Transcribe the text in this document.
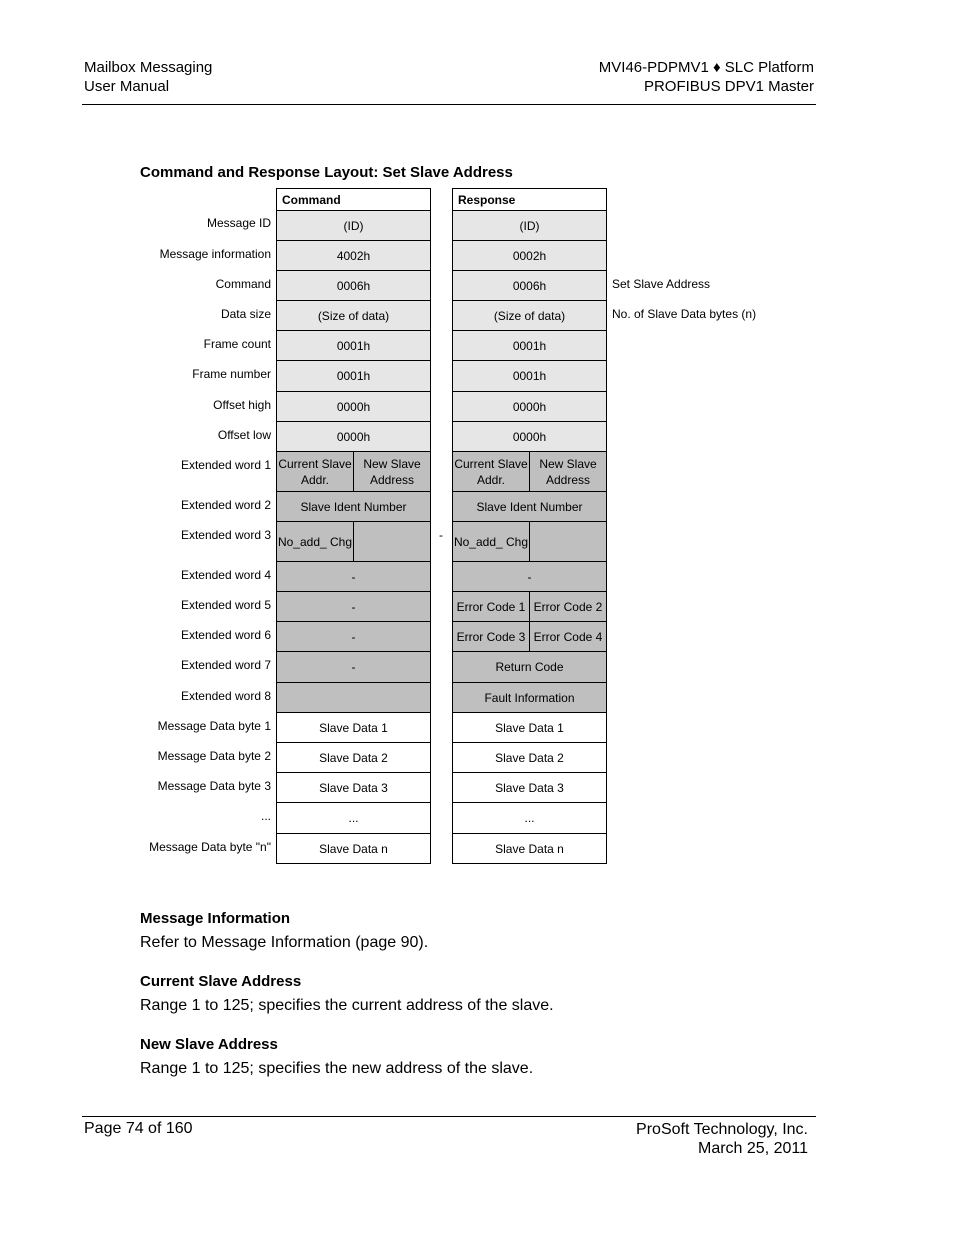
Mailbox Messaging
User Manual
MVI46-PDPMV1 ♦ SLC Platform
PROFIBUS DPV1 Master
Command and Response Layout: Set Slave Address
Message ID
Message information
Command
Data size
Frame count
Frame number
Offset high
Offset low
Extended word 1
Extended word 2
Extended word 3
Extended word 4
Extended word 5
Extended word 6
Extended word 7
Extended word 8
Message Data byte 1
Message Data byte 2
Message Data byte 3
...
Message Data byte "n"
Command
(ID)
4002h
0006h
(Size of data)
0001h
0001h
0000h
0000h
Current Slave Addr.
New Slave Address
Slave Ident Number
No_add_ Chg
-
-
-
-
Slave Data 1
Slave Data 2
Slave Data 3
...
Slave Data n
-
Response
(ID)
0002h
0006h
(Size of data)
0001h
0001h
0000h
0000h
Current Slave Addr.
New Slave Address
Slave Ident Number
No_add_ Chg
-
Error Code 1 Error Code 2
Error Code 3 Error Code 4
Return Code
Fault Information
Slave Data 1
Slave Data 2
Slave Data 3
...
Slave Data n
Set Slave Address
No. of Slave Data bytes (n)
Message Information
Refer to Message Information (page 90).
Current Slave Address
Range 1 to 125; specifies the current address of the slave.
New Slave Address
Range 1 to 125; specifies the new address of the slave.
Page 74 of 160	ProSoft Technology, Inc.
March 25, 2011
